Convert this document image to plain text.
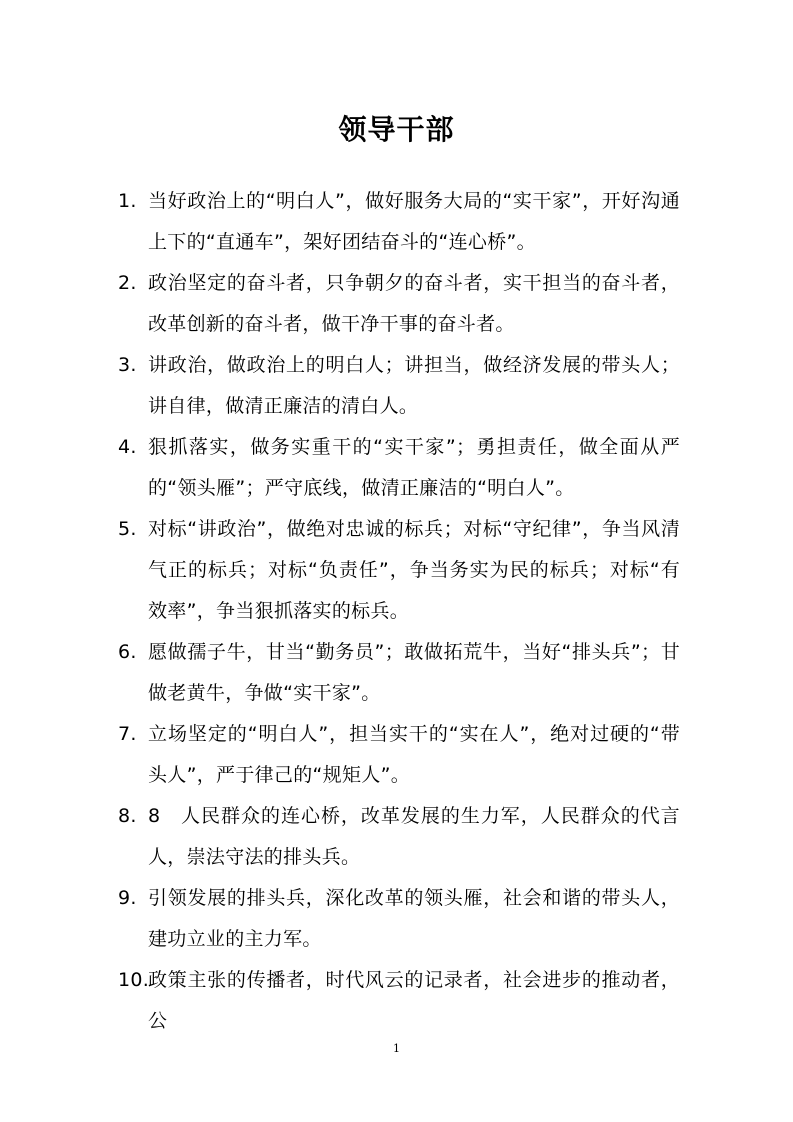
领导干部
1. 当好政治上的“明白人”，做好服务大局的“实干家”，开好沟通上下的“直通车”，架好团结奋斗的“连心桥”。
2. 政治坚定的奋斗者，只争朝夕的奋斗者，实干担当的奋斗者，改革创新的奋斗者，做干净干事的奋斗者。
3. 讲政治，做政治上的明白人；讲担当，做经济发展的带头人；讲自律，做清正廉洁的清白人。
4. 狠抓落实，做务实重干的“实干家”；勇担责任，做全面从严的“领头雁”；严守底线，做清正廉洁的“明白人”。
5. 对标“讲政治”，做绝对忠诚的标兵；对标“守纪律”，争当风清气正的标兵；对标“负责任”，争当务实为民的标兵；对标“有效率”，争当狠抓落实的标兵。
6. 愿做孺子牛，甘当“勤务员”；敢做拓荒牛，当好“排头兵”；甘做老黄牛，争做“实干家”。
7. 立场坚定的“明白人”，担当实干的“实在人”，绝对过硬的“带头人”，严于律己的“规矩人”。
8. 8　人民群众的连心桥，改革发展的生力军，人民群众的代言人，崇法守法的排头兵。
9. 引领发展的排头兵，深化改革的领头雁，社会和谐的带头人，建功立业的主力军。
10.
政策主张的传播者，时代风云的记录者，社会进步的推动者，公
1
